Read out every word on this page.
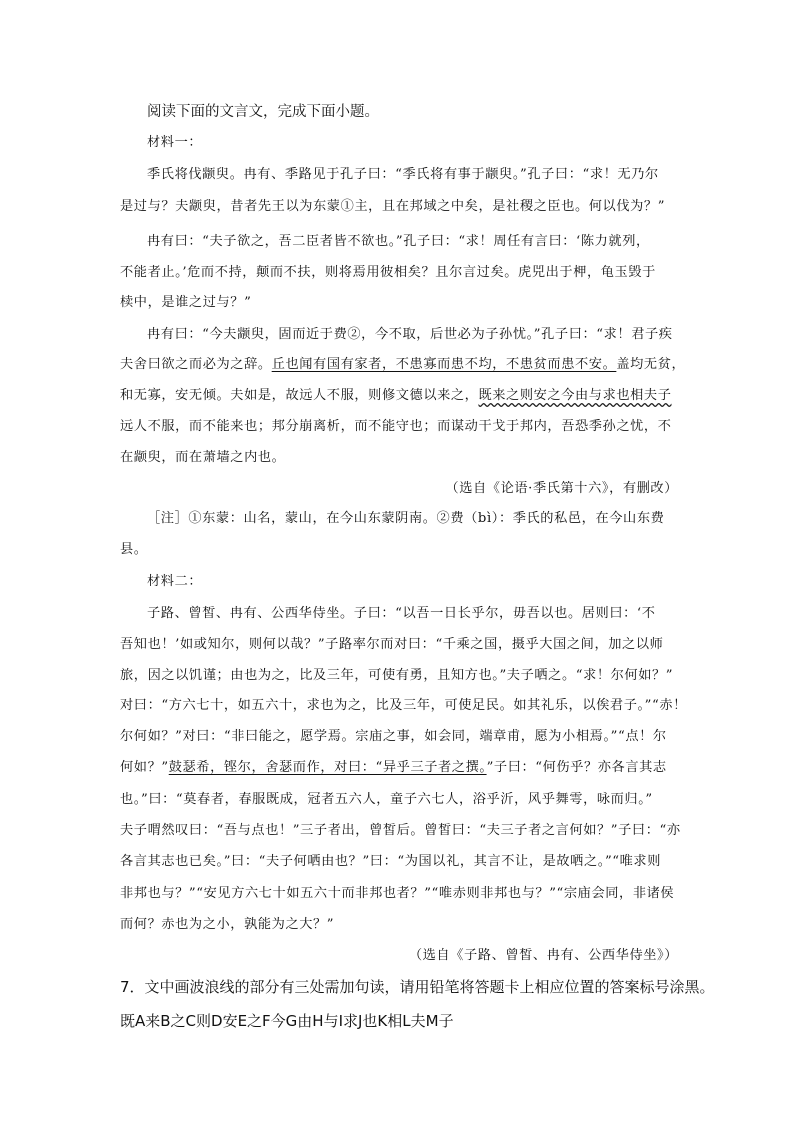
阅读下面的文言文，完成下面小题。
材料一：
季氏将伐颛臾。冉有、季路见于孔子曰：“季氏将有事于颛臾。”孔子曰：“求！无乃尔
是过与？夫颛臾，昔者先王以为东蒙①主，且在邦域之中矣，是社稷之臣也。何以伐为？”
冉有曰：“夫子欲之，吾二臣者皆不欲也。”孔子曰：“求！周任有言曰：‘陈力就列，
不能者止。’危而不持，颠而不扶，则将焉用彼相矣？且尔言过矣。虎兕出于柙，龟玉毁于
椟中，是谁之过与？”
冉有曰：“今夫颛臾，固而近于费②，今不取，后世必为子孙忧。”孔子曰：“求！君子疾
夫舍曰欲之而必为之辞。丘也闻有国有家者，不患寡而患不均，不患贫而患不安。盖均无贫，
和无寡，安无倾。夫如是，故远人不服，则修文德以来之，既来之则安之今由与求也相夫子
远人不服，而不能来也；邦分崩离析，而不能守也；而谋动干戈于邦内，吾恐季孙之忧，不
在颛臾，而在萧墙之内也。
（选自《论语·季氏第十六》，有删改）
［注］①东蒙：山名，蒙山，在今山东蒙阴南。②费（bì）：季氏的私邑，在今山东费
县。
材料二：
子路、曾皙、冉有、公西华侍坐。子曰：“以吾一日长乎尔，毋吾以也。居则曰：‘不
吾知也！’如或知尔，则何以哉？”子路率尔而对曰：“千乘之国，摄乎大国之间，加之以师
旅，因之以饥谨；由也为之，比及三年，可使有勇，且知方也。”夫子哂之。“求！尔何如？”
对曰：“方六七十，如五六十，求也为之，比及三年，可使足民。如其礼乐，以俟君子。”“赤！
尔何如？”对曰：“非曰能之，愿学焉。宗庙之事，如会同，端章甫，愿为小相焉。”“点！尔
何如？”鼓瑟希，铿尔，舍瑟而作，对曰：“异乎三子者之撰。”子曰：“何伤乎？亦各言其志
也。”曰：“莫春者，春服既成，冠者五六人，童子六七人，浴乎沂，风乎舞雩，咏而归。”
夫子喟然叹曰：“吾与点也！”三子者出，曾皙后。曾皙曰：“夫三子者之言何如？”子曰：“亦
各言其志也已矣。”曰：“夫子何哂由也？”曰：“为国以礼，其言不让，是故哂之。”“唯求则
非邦也与？”“安见方六七十如五六十而非邦也者？”“唯赤则非邦也与？”“宗庙会同，非诸侯
而何？赤也为之小，孰能为之大？”
（选自《子路、曾皙、冉有、公西华侍坐》）
7．文中画波浪线的部分有三处需加句读，请用铅笔将答题卡上相应位置的答案标号涂黑。
既A来B之C则D安E之F今G由H与I求J也K相L夫M子
